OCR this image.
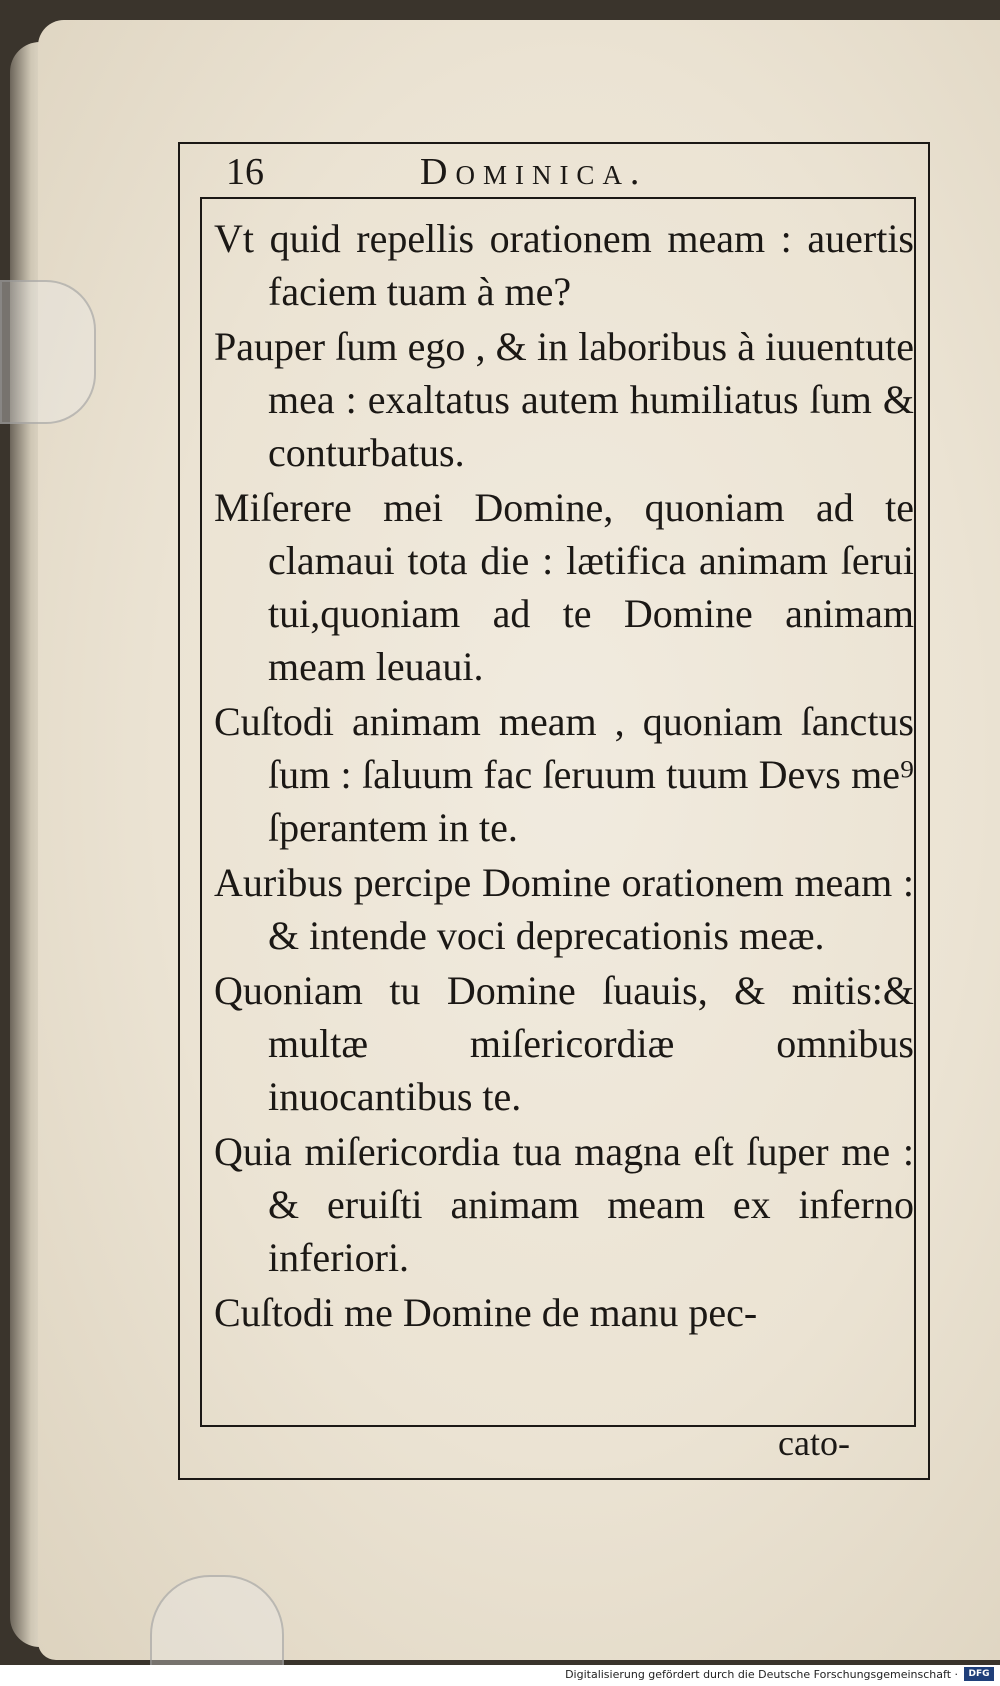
16	Dominica.

Vt quid repellis orationem meam : auertis faciem tuam à me?

Pauper ſum ego , & in laboribus à iuuentute mea : exaltatus autem humiliatus ſum & conturbatus.

Miſerere mei Domine, quoniam ad te clamaui tota die : lætifica animam ſerui tui,quoniam ad te Domine animam meam leuaui.

Cuſtodi animam meam , quoniam ſanctus ſum : ſaluum fac ſeruum tuum Devs me⁹ ſperantem in te.

Auribus percipe Domine orationem meam : & intende voci deprecationis meæ.

Quoniam tu Domine ſuauis, & mitis:& multæ miſericordiæ omnibus inuocantibus te.

Quia miſericordia tua magna eſt ſuper me : & eruiſti animam meam ex inferno inferiori.

Cuſtodi me Domine de manu pec-

cato-
Digitalisierung gefördert durch die Deutsche Forschungsgemeinschaft ·	DFG
